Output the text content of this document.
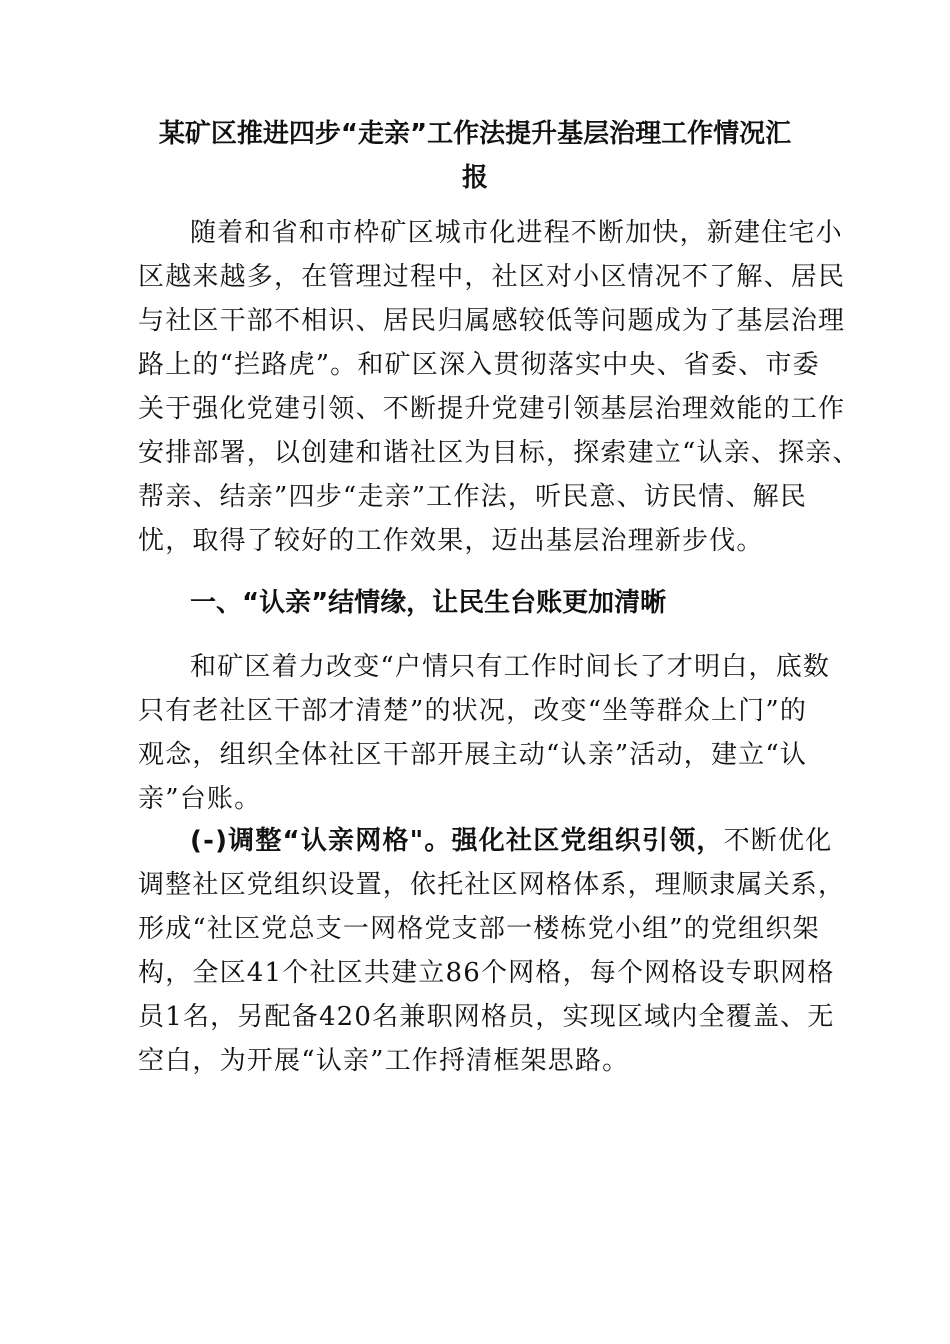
某矿区推进四步“走亲”工作法提升基层治理工作情况汇
报
随着和省和市枠矿区城市化进程不断加快，新建住宅小
区越来越多，在管理过程中，社区对小区情况不了解、居民
与社区干部不相识、居民归属感较低等问题成为了基层治理
路上的“拦路虎”。和矿区深入贯彻落实中央、省委、市委
关于强化党建引领、不断提升党建引领基层治理效能的工作
安排部署，以创建和谐社区为目标，探索建立“认亲、探亲、
帮亲、结亲”四步“走亲”工作法，听民意、访民情、解民
忧，取得了较好的工作效果，迈出基层治理新步伐。
一、“认亲”结情缘，让民生台账更加清晰
和矿区着力改变“户情只有工作时间长了才明白，底数
只有老社区干部才清楚”的状况，改变“坐等群众上门”的
观念，组织全体社区干部开展主动“认亲”活动，建立“认
亲”台账。
(-)调整“认亲网格"。强化社区党组织引领，不断优化
调整社区党组织设置，依托社区网格体系，理顺隶属关系，
形成“社区党总支一网格党支部一楼栋党小组”的党组织架
构，全区41个社区共建立86个网格，每个网格设专职网格
员1名，另配备420名兼职网格员，实现区域内全覆盖、无
空白，为开展“认亲”工作捋清框架思路。
